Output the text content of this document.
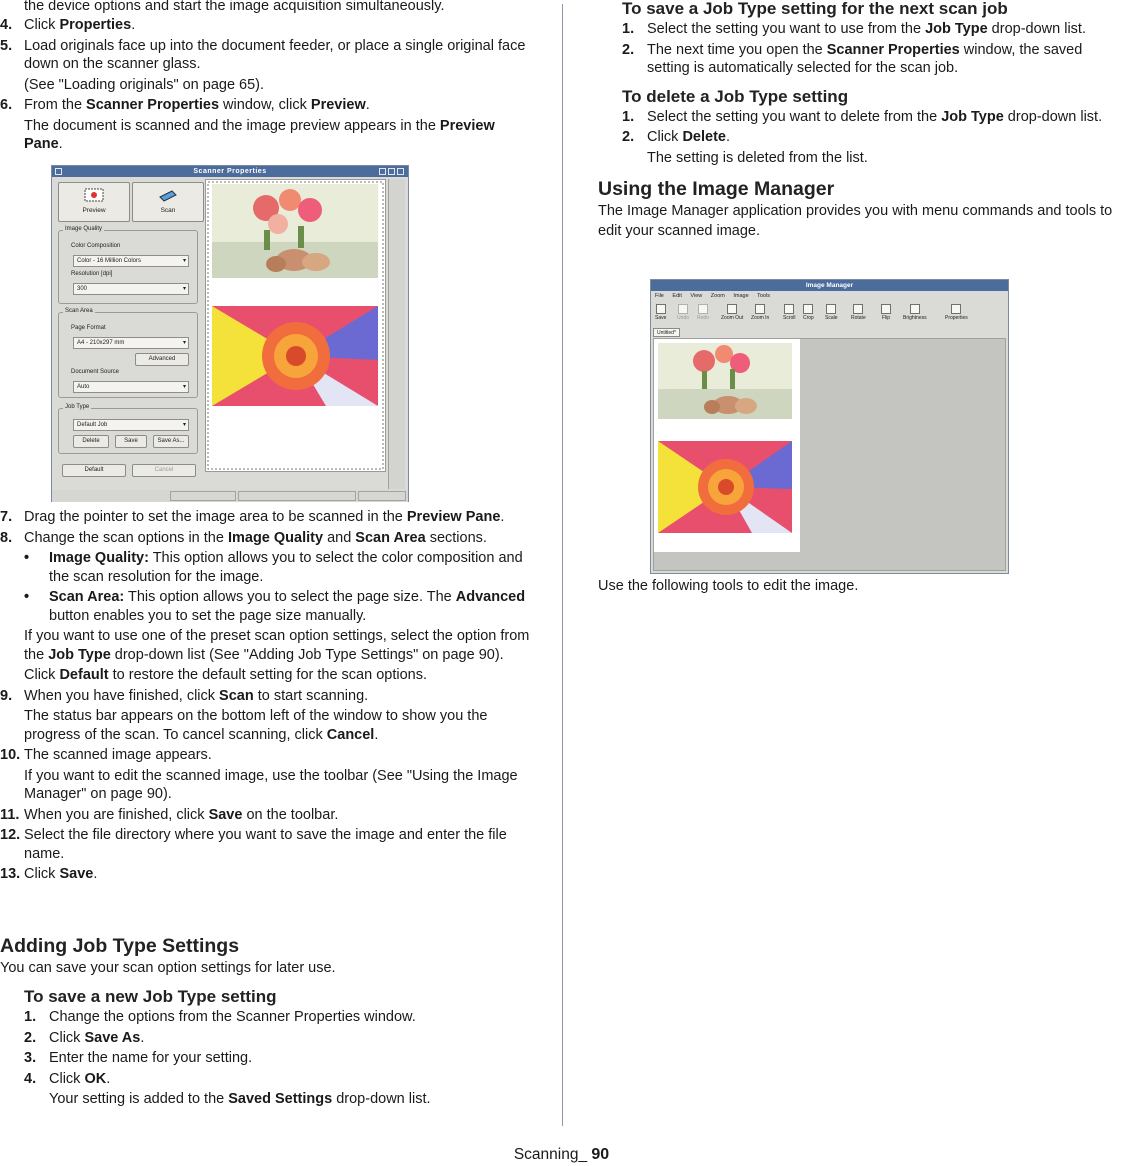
the device options and start the image acquisition simultaneously.

4. Click Properties.
5. Load originals face up into the document feeder, or place a single original face down on the scanner glass.
(See "Loading originals" on page 65).
6. From the Scanner Properties window, click Preview.
The document is scanned and the image preview appears in the Preview Pane.
Scanner Properties
Preview	Scan
Image Quality
Color Composition
Color - 16 Million Colors	▾
Resolution [dpi]
300	▾
Scan Area
Page Format
A4 - 210x297 mm	▾
Advanced
Document Source
Auto	▾
Job Type
Default Job	▾
Delete	Save	Save As...
Default	Cancel
7. Drag the pointer to set the image area to be scanned in the Preview Pane.
8. Change the scan options in the Image Quality and Scan Area sections.
• Image Quality: This option allows you to select the color composition and the scan resolution for the image.
• Scan Area: This option allows you to select the page size. The Advanced button enables you to set the page size manually.
If you want to use one of the preset scan option settings, select the option from the Job Type drop-down list (See "Adding Job Type Settings" on page 90).
Click Default to restore the default setting for the scan options.
9. When you have finished, click Scan to start scanning.
The status bar appears on the bottom left of the window to show you the progress of the scan. To cancel scanning, click Cancel.
10. The scanned image appears.
If you want to edit the scanned image, use the toolbar (See "Using the Image Manager" on page 90).
11. When you are finished, click Save on the toolbar.
12. Select the file directory where you want to save the image and enter the file name.
13. Click Save.
Adding Job Type Settings

You can save your scan option settings for later use.

To save a new Job Type setting
1. Change the options from the Scanner Properties window.
2. Click Save As.
3. Enter the name for your setting.
4. Click OK.
Your setting is added to the Saved Settings drop-down list.
To save a Job Type setting for the next scan job
1. Select the setting you want to use from the Job Type drop-down list.
2. The next time you open the Scanner Properties window, the saved setting is automatically selected for the scan job.
To delete a Job Type setting
1. Select the setting you want to delete from the Job Type drop-down list.
2. Click Delete.
The setting is deleted from the list.
Using the Image Manager

The Image Manager application provides you with menu commands and tools to edit your scanned image.

Use the following tools to edit the image.

Image Manager
File Edit View Zoom Image Tools
Save Undo Redo Zoom Out Zoom In	Scroll Crop Scale	Rotate	Flip	Brightness	Properties
Untitled*
Scanning_ 90
